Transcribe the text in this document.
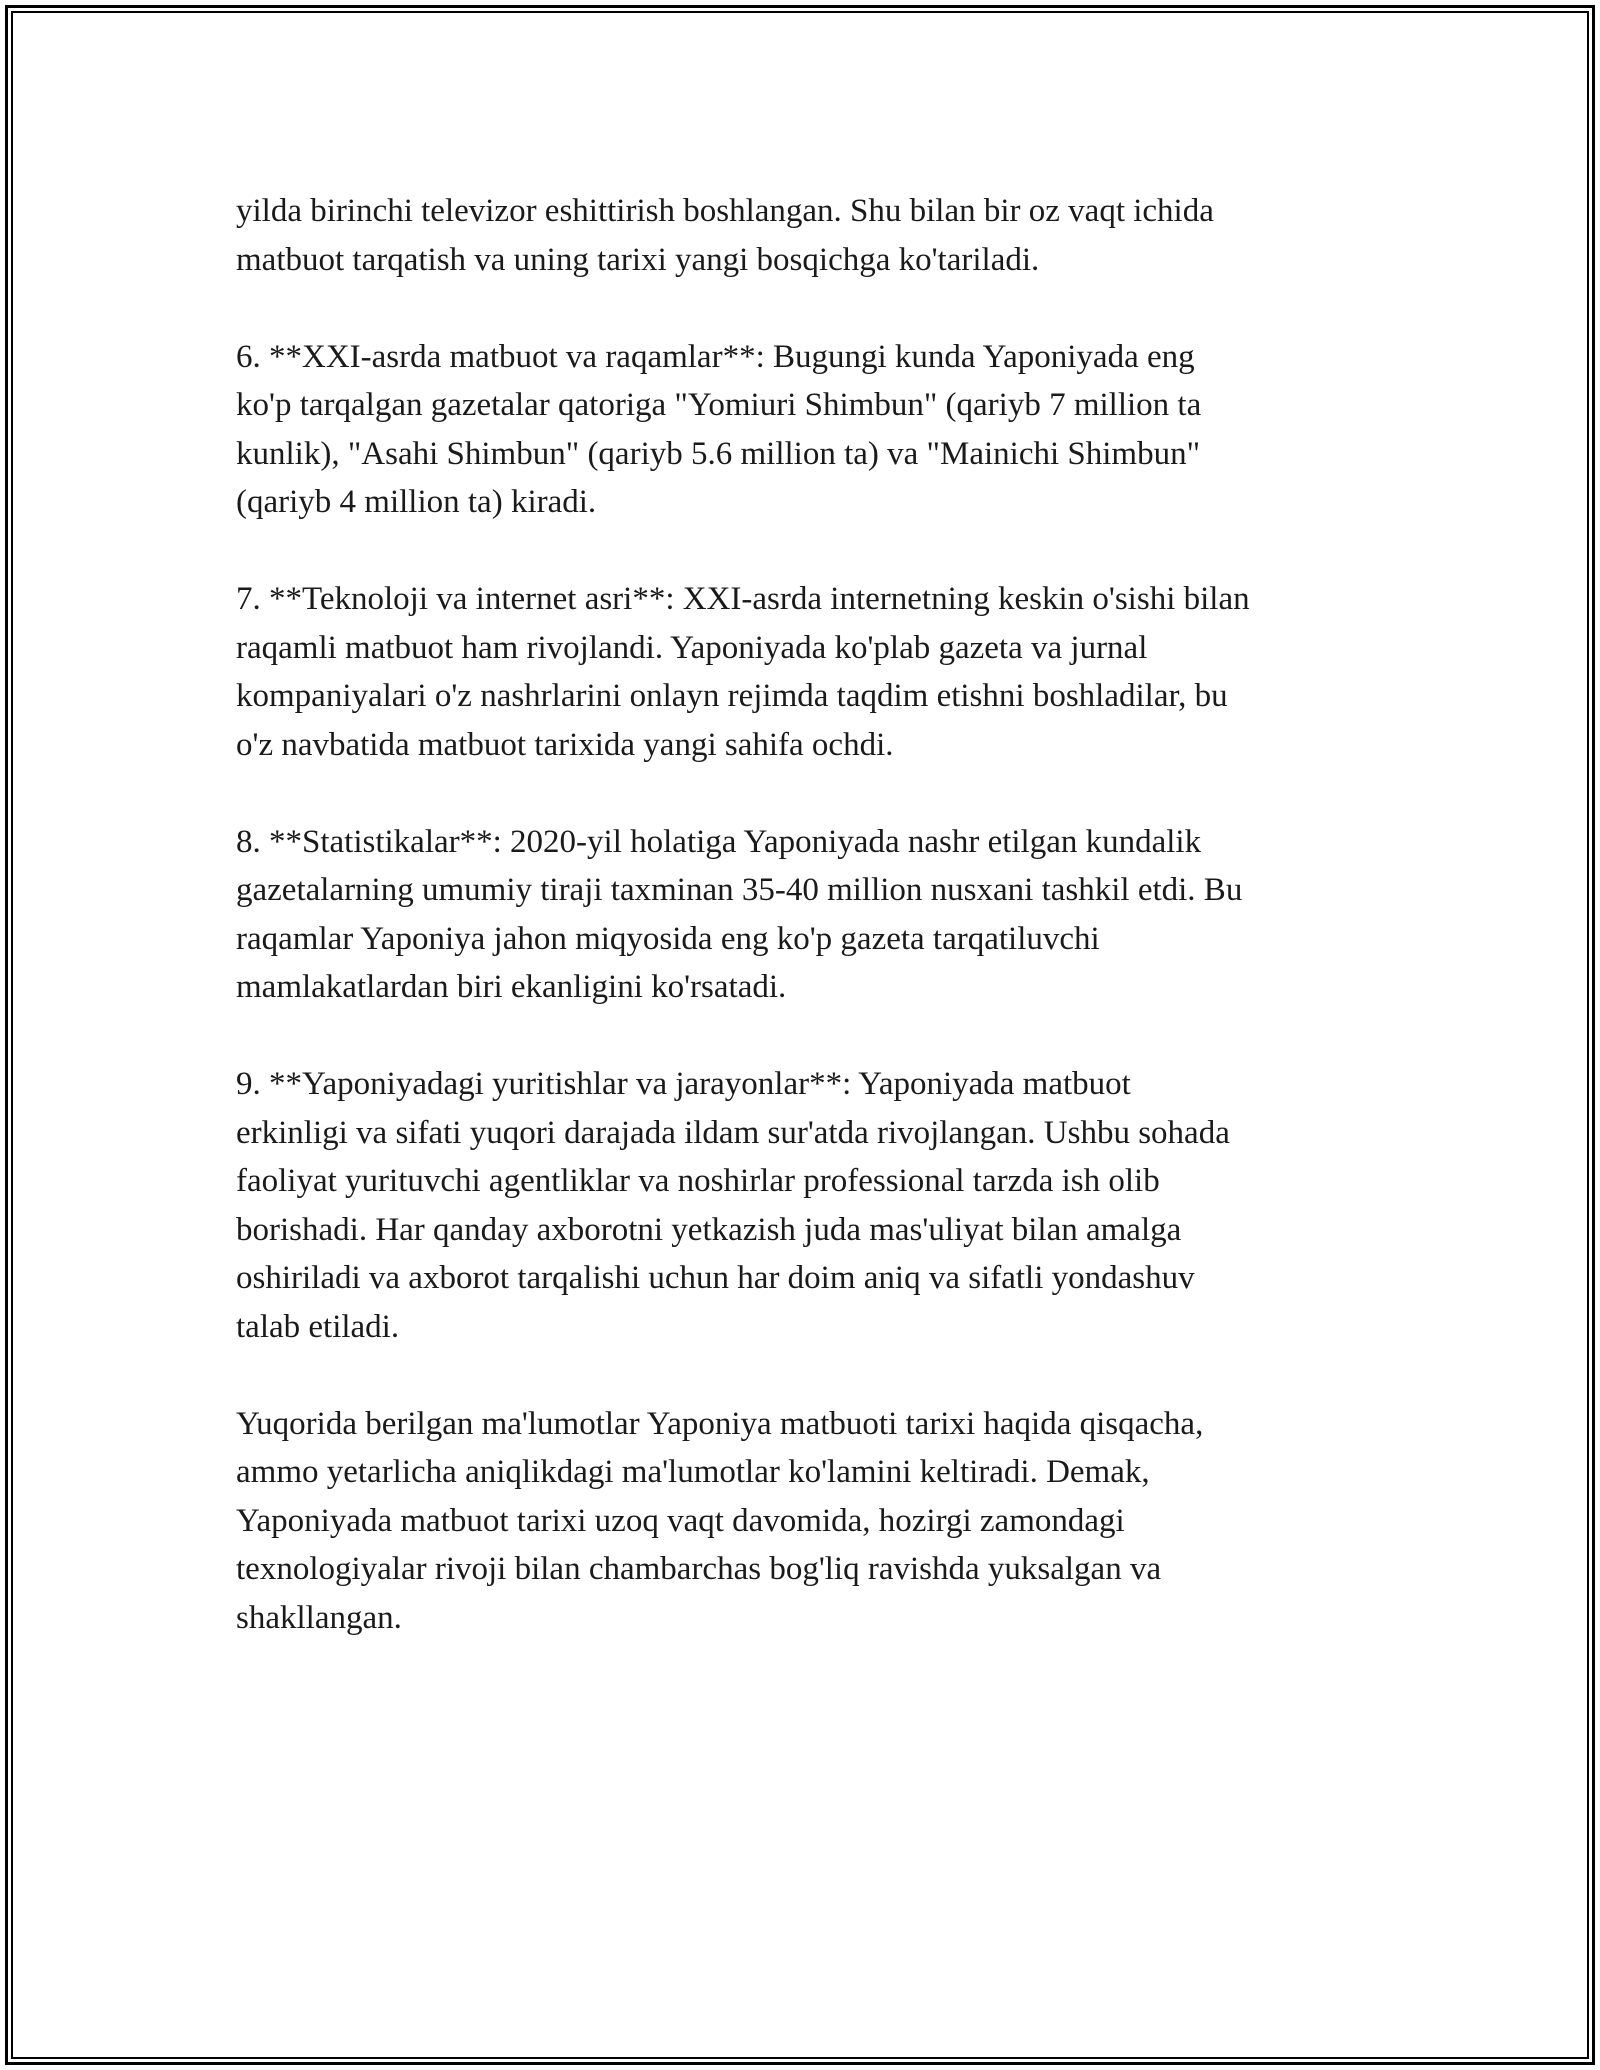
yilda birinchi televizor eshittirish boshlangan. Shu bilan bir oz vaqt ichida
matbuot tarqatish va uning tarixi yangi bosqichga ko'tariladi.

6. **XXI-asrda matbuot va raqamlar**: Bugungi kunda Yaponiyada eng
ko'p tarqalgan gazetalar qatoriga "Yomiuri Shimbun" (qariyb 7 million ta
kunlik), "Asahi Shimbun" (qariyb 5.6 million ta) va "Mainichi Shimbun"
(qariyb 4 million ta) kiradi.

7. **Teknoloji va internet asri**: XXI-asrda internetning keskin o'sishi bilan
raqamli matbuot ham rivojlandi. Yaponiyada ko'plab gazeta va jurnal
kompaniyalari o'z nashrlarini onlayn rejimda taqdim etishni boshladilar, bu
o'z navbatida matbuot tarixida yangi sahifa ochdi.

8. **Statistikalar**: 2020-yil holatiga Yaponiyada nashr etilgan kundalik
gazetalarning umumiy tiraji taxminan 35-40 million nusxani tashkil etdi. Bu
raqamlar Yaponiya jahon miqyosida eng ko'p gazeta tarqatiluvchi
mamlakatlardan biri ekanligini ko'rsatadi.

9. **Yaponiyadagi yuritishlar va jarayonlar**: Yaponiyada matbuot
erkinligi va sifati yuqori darajada ildam sur'atda rivojlangan. Ushbu sohada
faoliyat yurituvchi agentliklar va noshirlar professional tarzda ish olib
borishadi. Har qanday axborotni yetkazish juda mas'uliyat bilan amalga
oshiriladi va axborot tarqalishi uchun har doim aniq va sifatli yondashuv
talab etiladi.

Yuqorida berilgan ma'lumotlar Yaponiya matbuoti tarixi haqida qisqacha,
ammo yetarlicha aniqlikdagi ma'lumotlar ko'lamini keltiradi. Demak,
Yaponiyada matbuot tarixi uzoq vaqt davomida, hozirgi zamondagi
texnologiyalar rivoji bilan chambarchas bog'liq ravishda yuksalgan va
shakllangan.
